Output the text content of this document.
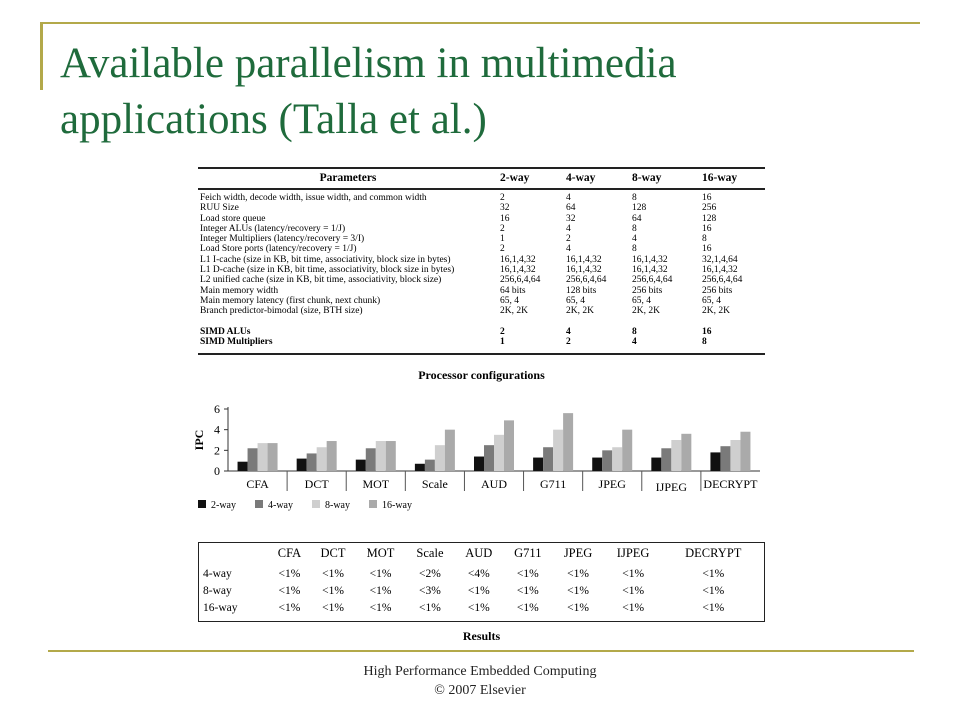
Available parallelism in multimedia
applications (Talla et al.)
Parameters	2-way	4-way	8-way	16-way
Feich width, decode width, issue width, and common width	2	4	8	16
RUU Size	32	64	128	256
Load store queue	16	32	64	128
Integer ALUs (latency/recovery = 1/J)	2	4	8	16
Integer Multipliers (latency/recovery = 3/I)	1	2	4	8
Load Store ports (latency/recovery = 1/J)	2	4	8	16
L1 I-cache (size in KB, bit time, associativity, block size in bytes)	16,1,4,32	16,1,4,32	16,1,4,32	32,1,4,64
L1 D-cache (size in KB, bit time, associativity, block size in bytes)	16,1,4,32	16,1,4,32	16,1,4,32	16,1,4,32
L2 unified cache (size in KB, bit time, associativity, block size)	256,6,4,64	256,6,4,64	256,6,4,64	256,6,4,64
Main memory width	64 bits	128 bits	256 bits	256 bits
Main memory latency (first chunk, next chunk)	65, 4	65, 4	65, 4	65, 4
Branch predictor-bimodal (size, BTH size)	2K, 2K	2K, 2K	2K, 2K	2K, 2K
SIMD ALUs	2	4	8	16
SIMD Multipliers	1	2	4	8
Processor configurations
0
2
4
6
IPC
CFA	DCT	MOT	Scale	AUD	G711	JPEG IJPEG DECRYPT
2-way	4-way	8-way	16-way
	CFA	DCT	MOT	Scale	AUD	G711	JPEG	IJPEG	DECRYPT
4-way	<1%	<1%	<1%	<2%	<4%	<1%	<1%	<1%	<1%
8-way	<1%	<1%	<1%	<3%	<1%	<1%	<1%	<1%	<1%
16-way	<1%	<1%	<1%	<1%	<1%	<1%	<1%	<1%	<1%
Results
High Performance Embedded Computing
© 2007 Elsevier
